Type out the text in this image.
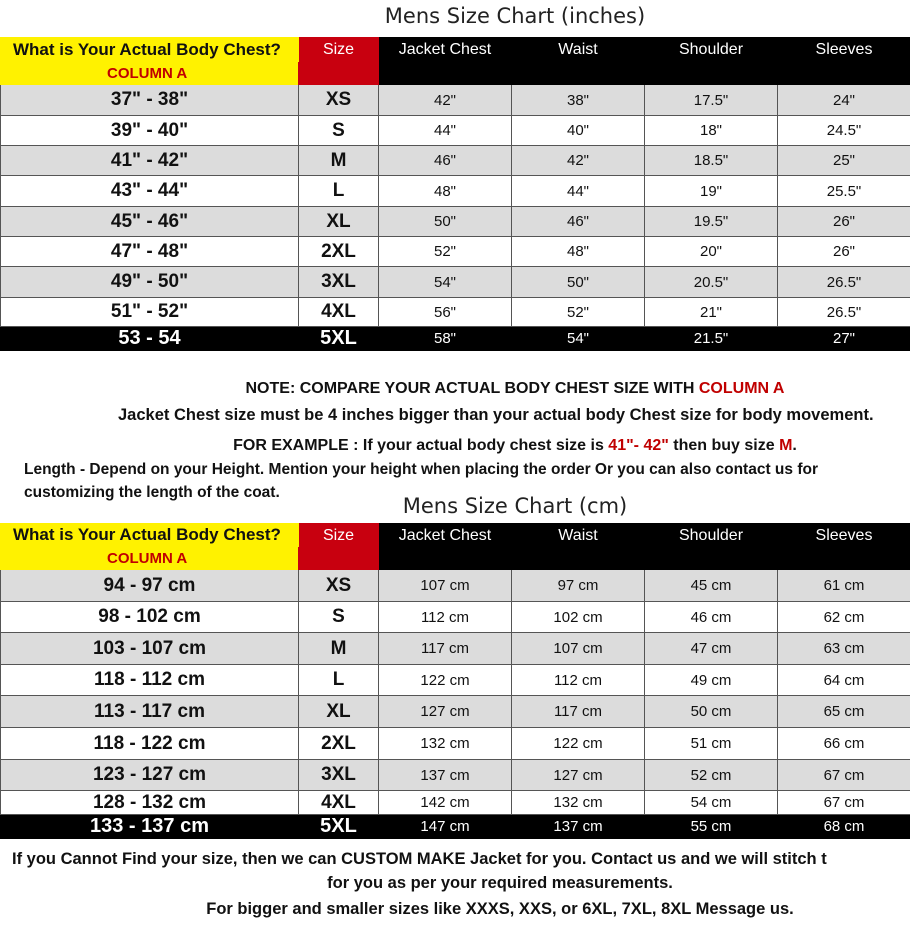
Mens Size Chart (inches)
What is Your Actual Body Chest?	Size	Jacket Chest	Waist	Shoulder	Sleeves
COLUMN A					
37" - 38"	XS	42"	38"	17.5"	24"
39" - 40"	S	44"	40"	18"	24.5"
41" - 42"	M	46"	42"	18.5"	25"
43" - 44"	L	48"	44"	19"	25.5"
45" - 46"	XL	50"	46"	19.5"	26"
47" - 48"	2XL	52"	48"	20"	26"
49" - 50"	3XL	54"	50"	20.5"	26.5"
51" - 52"	4XL	56"	52"	21"	26.5"
53 - 54	5XL	58"	54"	21.5"	27"
NOTE: COMPARE YOUR ACTUAL BODY CHEST SIZE WITH COLUMN A
Jacket Chest size must be 4 inches bigger than your actual body Chest size for body movement.
FOR EXAMPLE : If your actual body chest size is 41"- 42" then buy size M.
Length - Depend on your Height. Mention your height when placing the order Or you can also contact us for
customizing the length of the coat.
Mens Size Chart (cm)
What is Your Actual Body Chest?	Size	Jacket Chest	Waist	Shoulder	Sleeves
COLUMN A					
94 - 97 cm	XS	107 cm	97 cm	45 cm	61 cm
98 - 102 cm	S	112 cm	102 cm	46 cm	62 cm
103 - 107 cm	M	117 cm	107 cm	47 cm	63 cm
118 - 112 cm	L	122 cm	112 cm	49 cm	64 cm
113 - 117 cm	XL	127 cm	117 cm	50 cm	65 cm
118 - 122 cm	2XL	132 cm	122 cm	51 cm	66 cm
123 - 127 cm	3XL	137 cm	127 cm	52 cm	67 cm
128 - 132 cm	4XL	142 cm	132 cm	54 cm	67 cm
133 - 137 cm	5XL	147 cm	137 cm	55 cm	68 cm
If you Cannot Find your size, then we can CUSTOM MAKE Jacket for you. Contact us and we will stitch t
for you as per your required measurements.
For bigger and smaller sizes like XXXS, XXS, or 6XL, 7XL, 8XL Message us.
